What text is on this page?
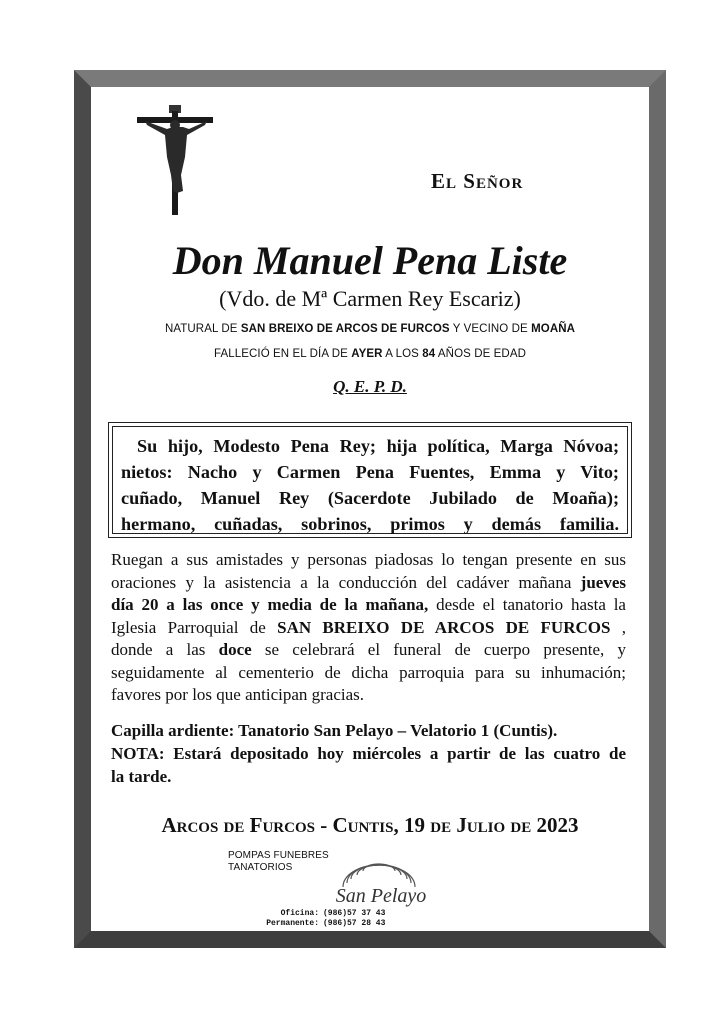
El Señor
Don Manuel Pena Liste
(Vdo. de Mª Carmen Rey Escariz)
NATURAL DE SAN BREIXO DE ARCOS DE FURCOS Y VECINO DE MOAÑA
FALLECIÓ EN EL DÍA DE AYER A LOS 84 AÑOS DE EDAD
Q. E. P. D.
Su hijo, Modesto Pena Rey; hija política, Marga Nóvoa;
nietos: Nacho y Carmen Pena Fuentes, Emma y Vito;
cuñado, Manuel Rey (Sacerdote Jubilado de Moaña);
hermano, cuñadas, sobrinos, primos y demás familia.
Ruegan a sus amistades y personas piadosas lo tengan presente en sus
oraciones y la asistencia a la conducción del cadáver mañana jueves
día 20 a las once y media de la mañana, desde el tanatorio hasta la
Iglesia Parroquial de SAN BREIXO DE ARCOS DE FURCOS ,
donde a las doce se celebrará el funeral de cuerpo presente, y
seguidamente al cementerio de dicha parroquia para su inhumación;
favores por los que anticipan gracias.
Capilla ardiente: Tanatorio San Pelayo – Velatorio 1 (Cuntis).
NOTA: Estará depositado hoy miércoles a partir de las cuatro de
la tarde.
Arcos de Furcos - Cuntis, 19 de Julio de 2023
POMPAS FUNEBRES
TANATORIOS
San Pelayo
Oficina: (986)57 37 43
Permanente: (986)57 28 43
